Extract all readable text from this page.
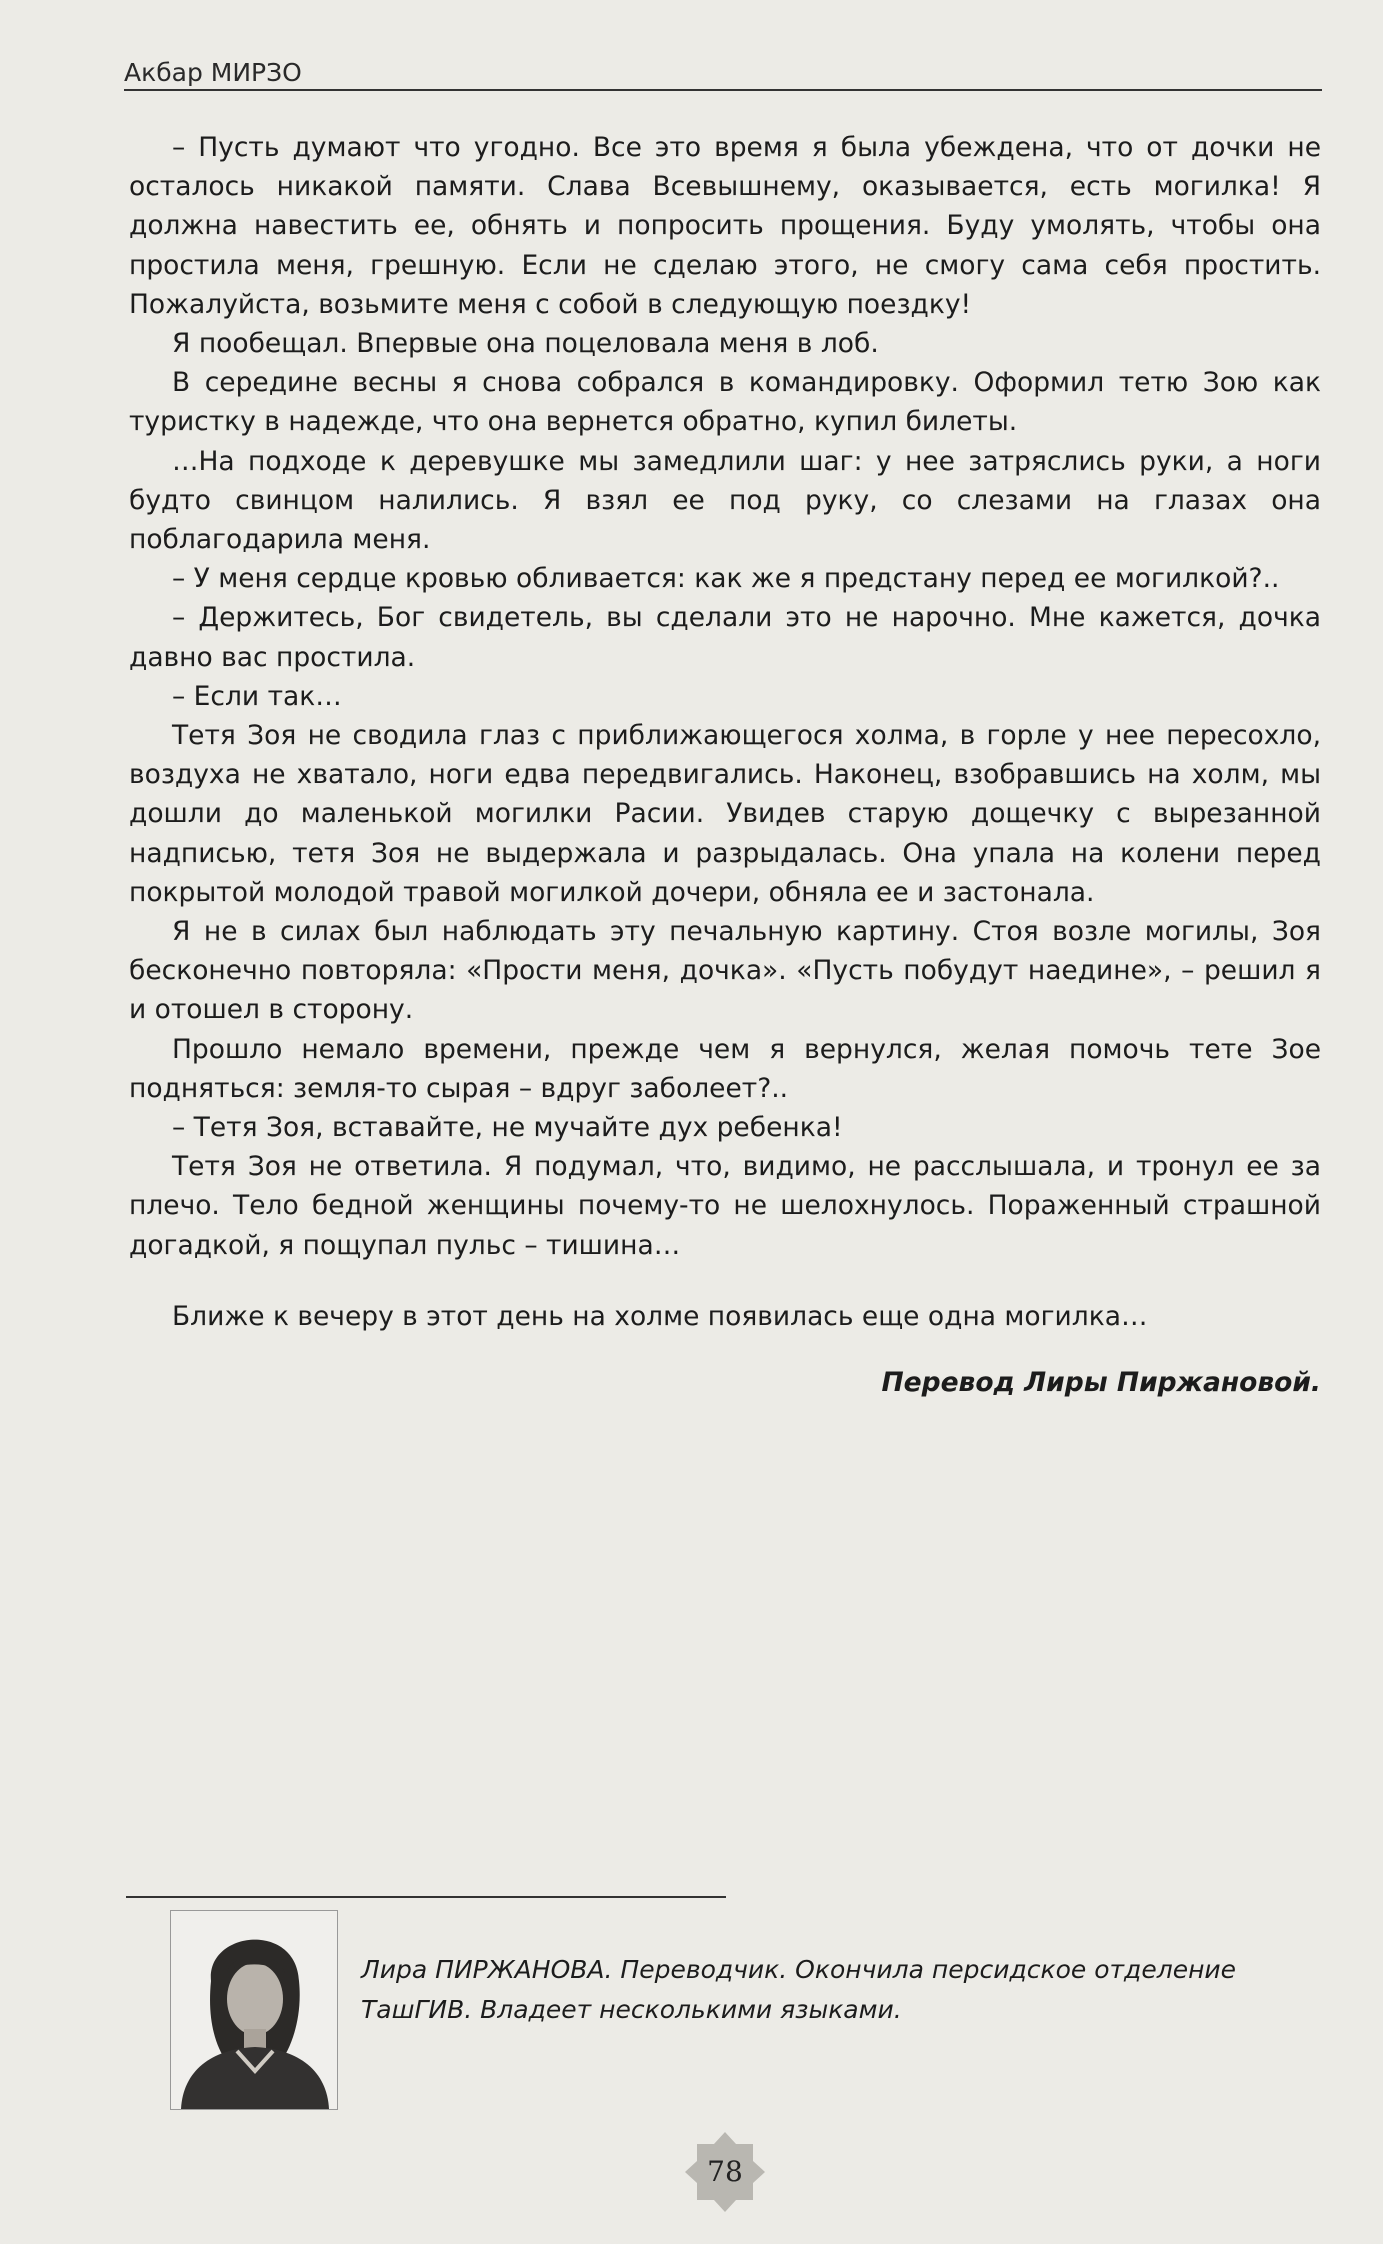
Акбар МИРЗО

– Пусть думают что угодно. Все это время я была убеждена, что от дочки не осталось никакой памяти. Слава Всевышнему, оказывается, есть могилка! Я должна навестить ее, обнять и попросить прощения. Буду умолять, чтобы она простила меня, грешную. Если не сделаю этого, не смогу сама себя простить. Пожалуйста, возьмите меня с собой в следующую поездку!

Я пообещал. Впервые она поцеловала меня в лоб.

В середине весны я снова собрался в командировку. Оформил тетю Зою как туристку в надежде, что она вернется обратно, купил билеты.

…На подходе к деревушке мы замедлили шаг: у нее затряслись руки, а ноги будто свинцом налились. Я взял ее под руку, со слезами на глазах она поблагодарила меня.

– У меня сердце кровью обливается: как же я предстану перед ее могилкой?..

– Держитесь, Бог свидетель, вы сделали это не нарочно. Мне кажется, дочка давно вас простила.

– Если так…

Тетя Зоя не сводила глаз с приближающегося холма, в горле у нее пересохло, воздуха не хватало, ноги едва передвигались. Наконец, взобравшись на холм, мы дошли до маленькой могилки Расии. Увидев старую дощечку с вырезанной надписью, тетя Зоя не выдержала и разрыдалась. Она упала на колени перед покрытой молодой травой могилкой дочери, обняла ее и застонала.

Я не в силах был наблюдать эту печальную картину. Стоя возле могилы, Зоя бесконечно повторяла: «Прости меня, дочка». «Пусть побудут наедине», – решил я и отошел в сторону.

Прошло немало времени, прежде чем я вернулся, желая помочь тете Зое подняться: земля-то сырая – вдруг заболеет?..

– Тетя Зоя, вставайте, не мучайте дух ребенка!

Тетя Зоя не ответила. Я подумал, что, видимо, не расслышала, и тронул ее за плечо. Тело бедной женщины почему-то не шелохнулось. Пораженный страшной догадкой, я пощупал пульс – тишина…

Ближе к вечеру в этот день на холме появилась еще одна могилка…

Перевод Лиры Пиржановой.

Лира ПИРЖАНОВА. Переводчик. Окончила персидское отделение ТашГИВ. Владеет несколькими языками.
78
